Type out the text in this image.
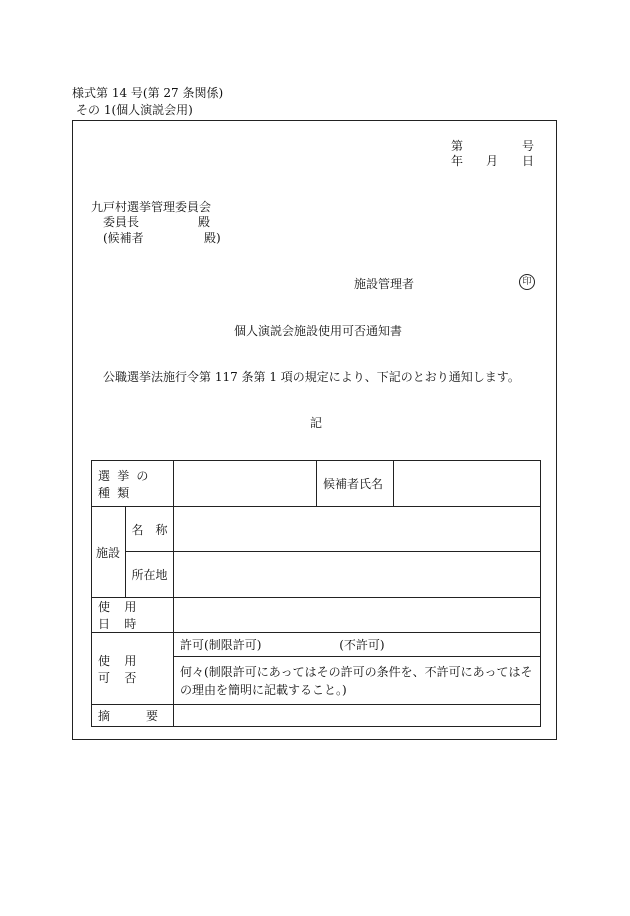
様式第 14 号(第 27 条関係)
その 1(個人演説会用)
第	号
年 月 日
九戸村選挙管理委員会
委員長	殿
(候補者	殿)
施設管理者	印
個人演説会施設使用可否通知書
公職選挙法施行令第 117 条第 1 項の規定により、下記のとおり通知します。
記
選挙の種類			候補者氏名	
施設	名　称			
	所在地			
使用日時				
使用可否		許可(制限許可) (不許可)		

		何々(制限許可にあってはその許可の条件を、不許可にあってはその理由を簡明に記載すること。)		

摘　　　要				
